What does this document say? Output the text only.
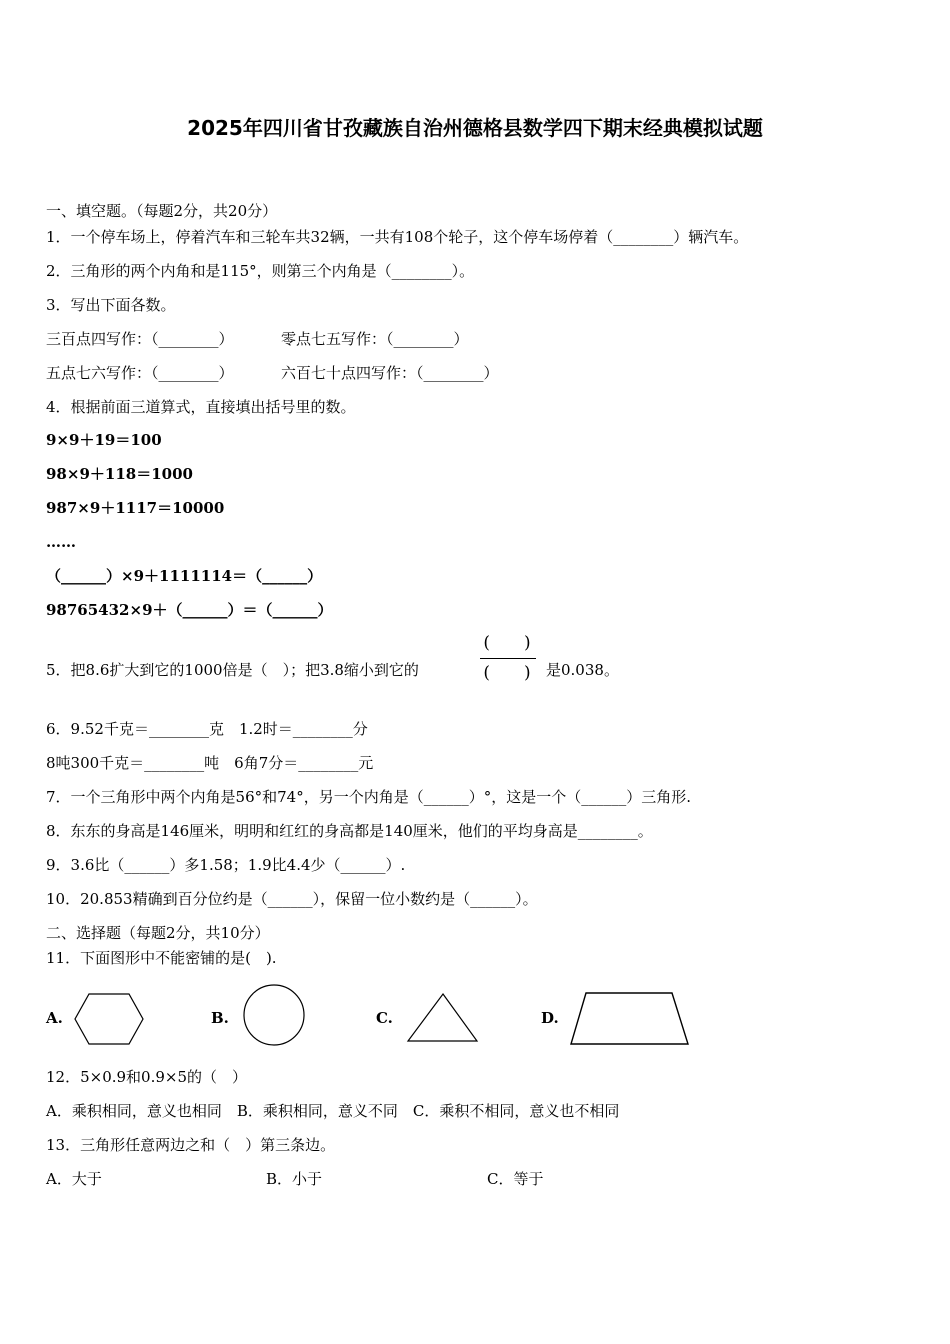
2025年四川省甘孜藏族自治州德格县数学四下期末经典模拟试题
一、填空题。（每题2分，共20分）
1．一个停车场上，停着汽车和三轮车共32辆，一共有108个轮子，这个停车场停着（________）辆汽车。
2．三角形的两个内角和是115°，则第三个内角是（________）。
3．写出下面各数。
三百点四写作：（________）	零点七五写作：（________）
五点七六写作：（________）	六百七十点四写作：（________）
4．根据前面三道算式，直接填出括号里的数。
9×9＋19＝100
98×9＋118＝1000
987×9＋1117＝10000
……
（______）×9＋1111114＝（______）
98765432×9＋（______）＝（______）
5．把8.6扩大到它的1000倍是（　）；把3.8缩小到它的
(　　)
(　　)	是0.038。
6．9.52千克＝________克　1.2时＝________分
8吨300千克＝________吨　6角7分＝________元
7．一个三角形中两个内角是56°和74°，另一个内角是（______）°，这是一个（______）三角形.
8．东东的身高是146厘米，明明和红红的身高都是140厘米，他们的平均身高是________。
9．3.6比（______）多1.58；1.9比4.4少（______）.
10．20.853精确到百分位约是（______），保留一位小数约是（______）。
二、选择题（每题2分，共10分）
11．下面图形中不能密铺的是(　).
A.	B.	C.	D.
12．5×0.9和0.9×5的（　）
A．乘积相同，意义也相同　B．乘积相同，意义不同　C．乘积不相同，意义也不相同
13．三角形任意两边之和（　）第三条边。
A．大于	B．小于	C．等于
